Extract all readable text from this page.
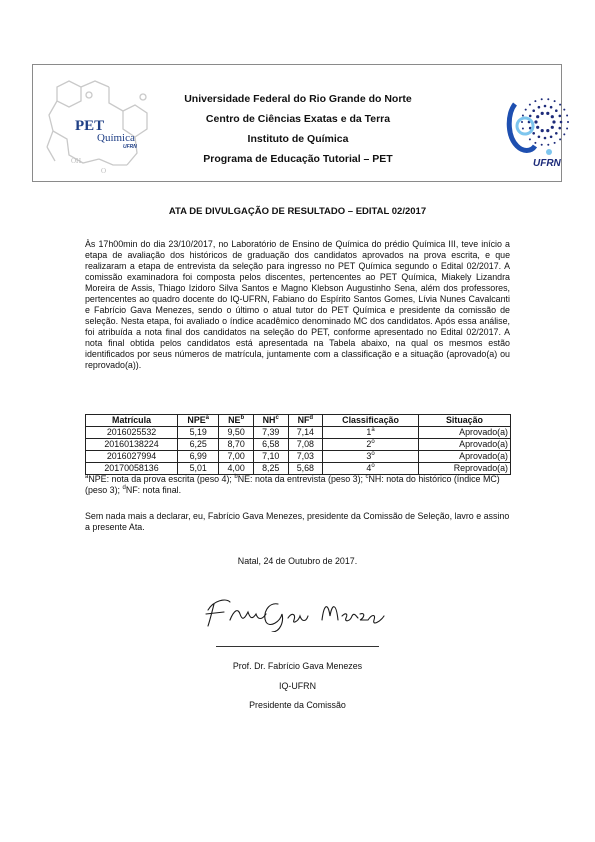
OH
O
PET
Química
UFRN
Universidade Federal do Rio Grande do Norte
Centro de Ciências Exatas e da Terra
Instituto de Química
Programa de Educação Tutorial – PET	UFRN
ATA DE DIVULGAÇÃO DE RESULTADO – EDITAL 02/2017

Às 17h00min do dia 23/10/2017, no Laboratório de Ensino de Química do prédio Química III, teve início a etapa de avaliação dos históricos de graduação dos candidatos aprovados na prova escrita, e que realizaram a etapa de entrevista da seleção para ingresso no PET Química segundo o Edital 02/2017. A comissão examinadora foi composta pelos discentes, pertencentes ao PET Química, Miakely Lizandra Moreira de Assis, Thiago Izidoro Silva Santos e Magno Klebson Augustinho Sena, além dos professores, pertencentes ao quadro docente do IQ-UFRN, Fabiano do Espírito Santos Gomes, Lívia Nunes Cavalcanti e Fabrício Gava Menezes, sendo o último o atual tutor do PET Química e presidente da comissão de seleção. Nesta etapa, foi avaliado o índice acadêmico denominado MC dos candidatos. Após essa análise, foi atribuída a nota final dos candidatos na seleção do PET, conforme apresentado no Edital 02/2017. A nota final obtida pelos candidatos está apresentada na Tabela abaixo, na qual os mesmos estão identificados por seus números de matrícula, juntamente com a classificação e a situação (aprovado(a) ou reprovado(a)).

Matrícula	NPE$^a$	$NE^b$	$NH^c$	$NF^d$	Classificação	Situação
2016025532	5,19	9,50	7,39	7,14	1$^a$	Aprovado(a)
20160138224	6,25	8,70	6,58	7,08	2$^o$	Aprovado(a)
2016027994	6,99	7,00	7,10	7,03	3$^o$	Aprovado(a)
20170058136	5,01	4,00	8,25	5,68	4$^o$	Reprovado(a)

$^a$NPE: nota da prova escrita (peso 4); $^b$NE: nota da entrevista (peso 3); $^c$NH: nota do histórico (índice MC) (peso 3); $^d$NF: nota final.

Sem nada mais a declarar, eu, Fabrício Gava Menezes, presidente da Comissão de Seleção, lavro e assino a presente Ata.

Natal, 24 de Outubro de 2017.
Prof. Dr. Fabrício Gava Menezes
IQ-UFRN
Presidente da Comissão
